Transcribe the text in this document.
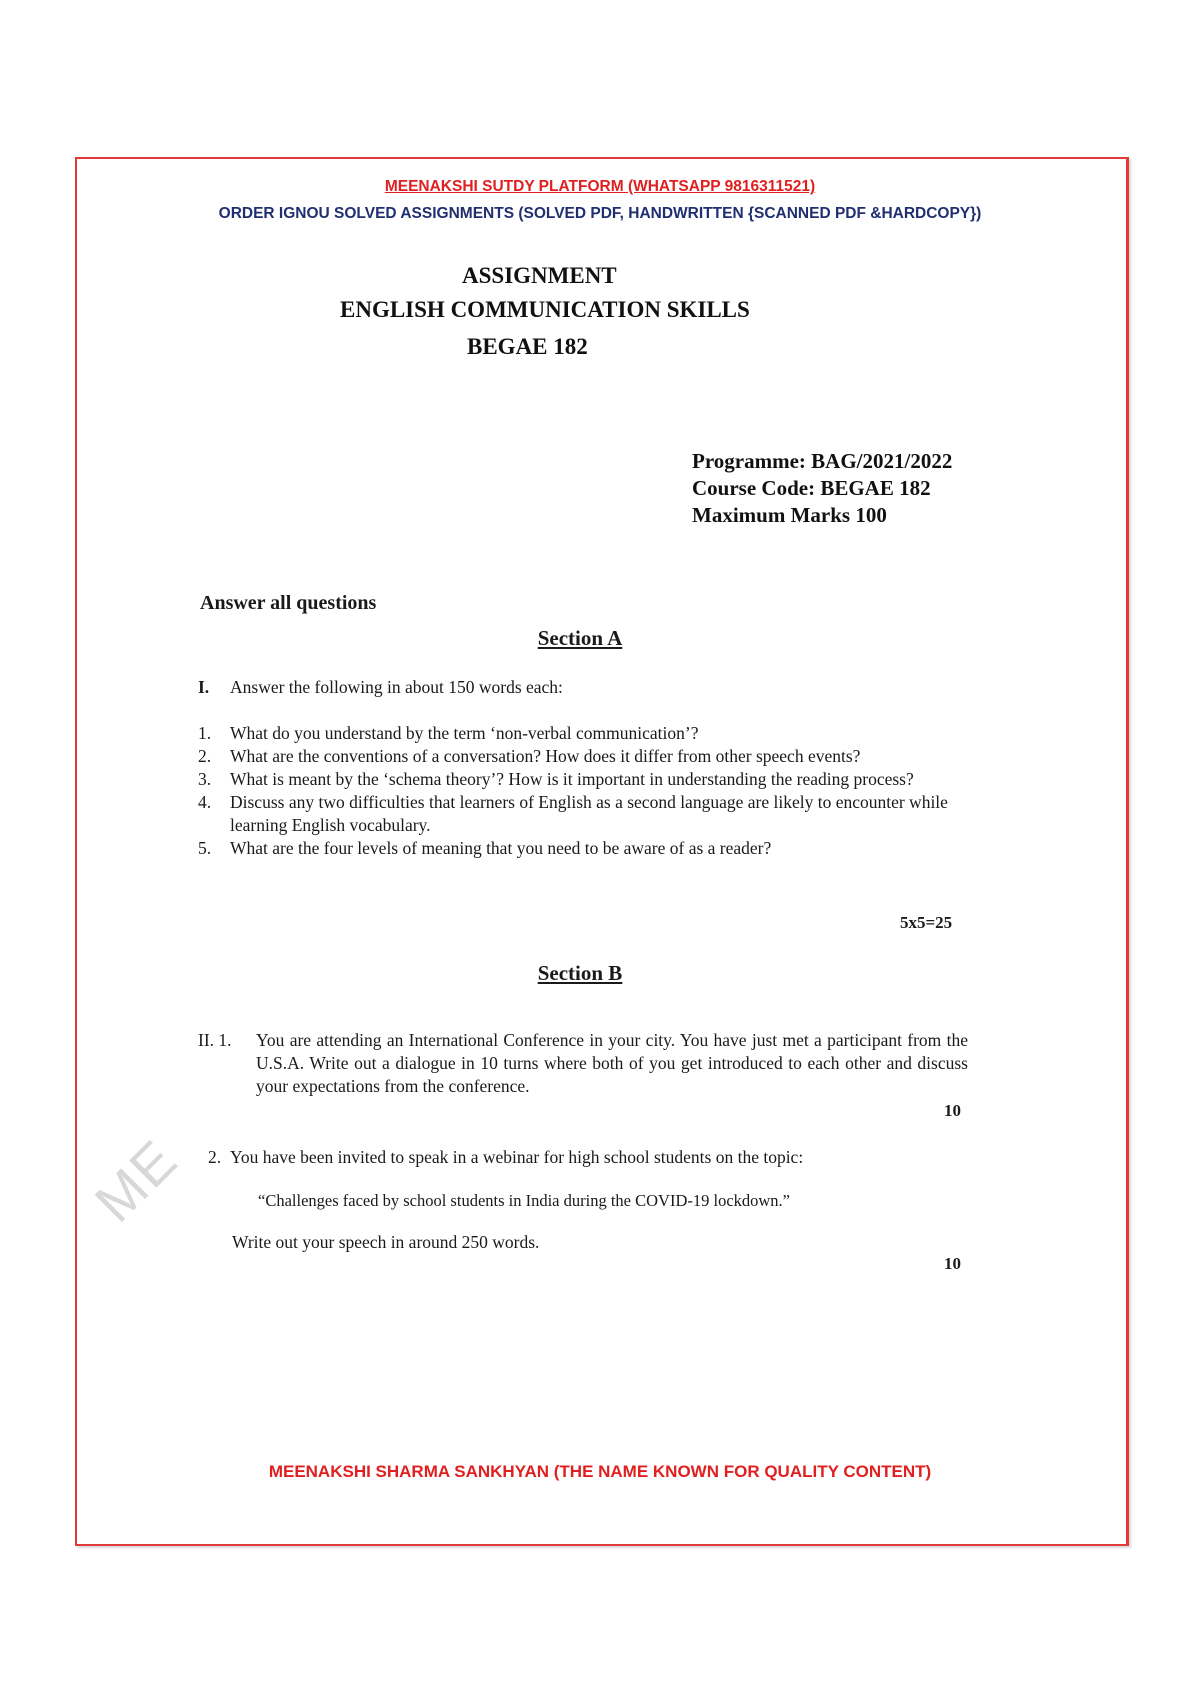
MEENAKSHI SUTDY PLATFORM (WHATSAPP 9816311521)

ORDER IGNOU SOLVED ASSIGNMENTS (SOLVED PDF, HANDWRITTEN {SCANNED PDF &HARDCOPY})

ASSIGNMENT

ENGLISH COMMUNICATION SKILLS

BEGAE 182

Programme: BAG/2021/2022
Course Code: BEGAE 182
Maximum Marks 100

Answer all questions

Section A

I.	Answer the following in about 150 words each:
1.	What do you understand by the term ‘non-verbal communication’?
2.	What are the conventions of a conversation? How does it differ from other speech events?
3.	What is meant by the ‘schema theory’? How is it important in understanding the reading process?
4.	Discuss any two difficulties that learners of English as a second language are likely to encounter while learning English vocabulary.
5.	What are the four levels of meaning that you need to be aware of as a reader?

5x5=25

Section B

II. 1.	You are attending an International Conference in your city. You have just met a participant from the U.S.A. Write out a dialogue in 10 turns where both of you get introduced to each other and discuss your expectations from the conference.

10

2. You have been invited to speak in a webinar for high school students on the topic:

“Challenges faced by school students in India during the COVID-19 lockdown.”

Write out your speech in around 250 words.

10

ME

MEENAKSHI SHARMA SANKHYAN (THE NAME KNOWN FOR QUALITY CONTENT)
